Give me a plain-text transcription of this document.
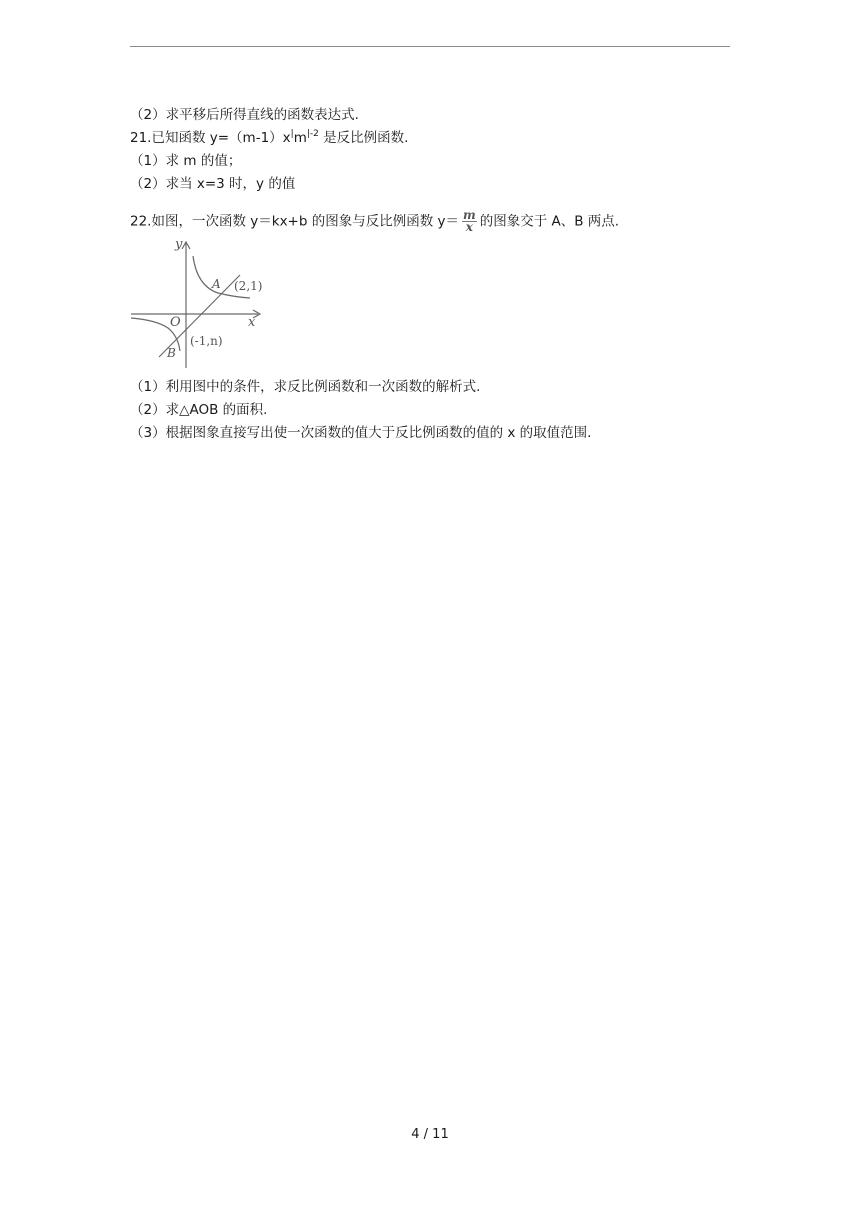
（2）求平移后所得直线的函数表达式.
21.已知函数 $y=(m-1)x^|m^{|-2}$ 是反比例函数.
（1）求 m 的值；
（2）求当 x=3 时，y 的值
22.如图，一次函数 y＝kx+b 的图象与反比例函数 $y= \frac{m}{x}$ 的图象交于 A、B 两点.
y
x
O
A (2,1)
B
(-1,n)
（1）利用图中的条件，求反比例函数和一次函数的解析式.
（2）求△AOB 的面积.
（3）根据图象直接写出使一次函数的值大于反比例函数的值的 x 的取值范围.
4 / 11
